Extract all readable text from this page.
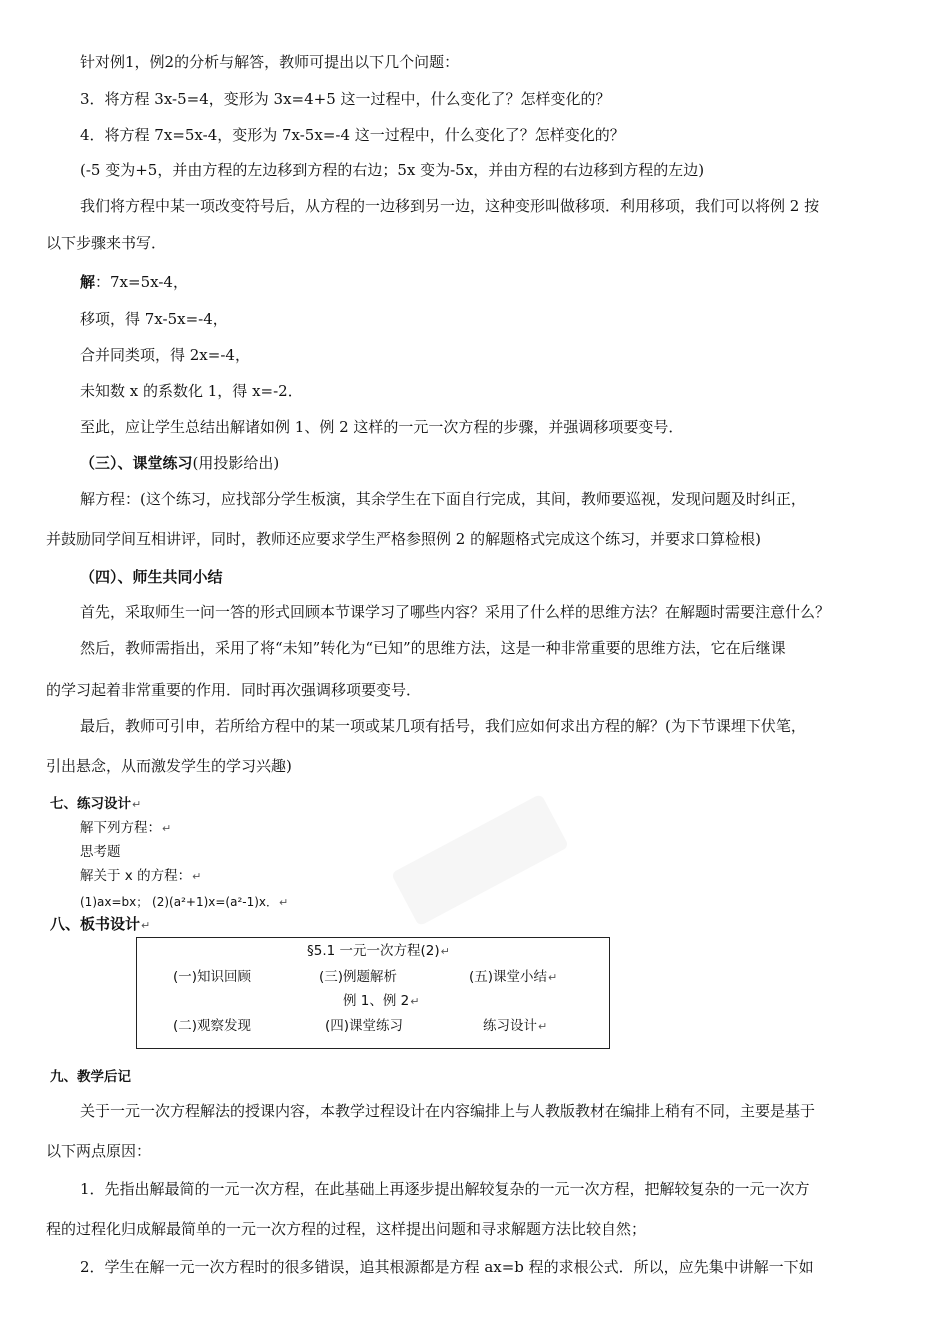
针对例1，例2的分析与解答，教师可提出以下几个问题：
3．将方程 3x-5=4，变形为 3x=4+5 这一过程中，什么变化了？怎样变化的？
4．将方程 7x=5x-4，变形为 7x-5x=-4 这一过程中，什么变化了？怎样变化的？
(-5 变为+5，并由方程的左边移到方程的右边；5x 变为-5x，并由方程的右边移到方程的左边)
我们将方程中某一项改变符号后，从方程的一边移到另一边，这种变形叫做移项．利用移项，我们可以将例 2 按
以下步骤来书写．
解：7x=5x-4，
移项，得 7x-5x=-4，
合并同类项，得 2x=-4，
未知数 x 的系数化 1，得 x=-2．
至此，应让学生总结出解诸如例 1、例 2 这样的一元一次方程的步骤，并强调移项要变号．
（三）、课堂练习(用投影给出)
解方程：(这个练习，应找部分学生板演，其余学生在下面自行完成，其间，教师要巡视，发现问题及时纠正，
并鼓励同学间互相讲评，同时，教师还应要求学生严格参照例 2 的解题格式完成这个练习，并要求口算检根)
（四）、师生共同小结
首先，采取师生一问一答的形式回顾本节课学习了哪些内容？采用了什么样的思维方法？在解题时需要注意什么？
然后，教师需指出，采用了将“未知”转化为“已知”的思维方法，这是一种非常重要的思维方法，它在后继课
的学习起着非常重要的作用．同时再次强调移项要变号．
最后，教师可引申，若所给方程中的某一项或某几项有括号，我们应如何求出方程的解？(为下节课埋下伏笔，
引出悬念，从而激发学生的学习兴趣)
七、练习设计↵
解下列方程：↵
思考题
解关于 x 的方程：↵
(1)ax=bx； (2)(a²+1)x=(a²-1)x．↵
八、板书设计↵
§5.1 一元一次方程(2)↵
(一)知识回顾	(三)例题解析	(五)课堂小结↵
例 1、例 2↵
(二)观察发现	(四)课堂练习	练习设计↵
九、教学后记
关于一元一次方程解法的授课内容，本教学过程设计在内容编排上与人教版教材在编排上稍有不同，主要是基于
以下两点原因：
1．先指出解最简的一元一次方程，在此基础上再逐步提出解较复杂的一元一次方程，把解较复杂的一元一次方
程的过程化归成解最简单的一元一次方程的过程，这样提出问题和寻求解题方法比较自然；
2．学生在解一元一次方程时的很多错误，追其根源都是方程 ax=b 程的求根公式．所以，应先集中讲解一下如
